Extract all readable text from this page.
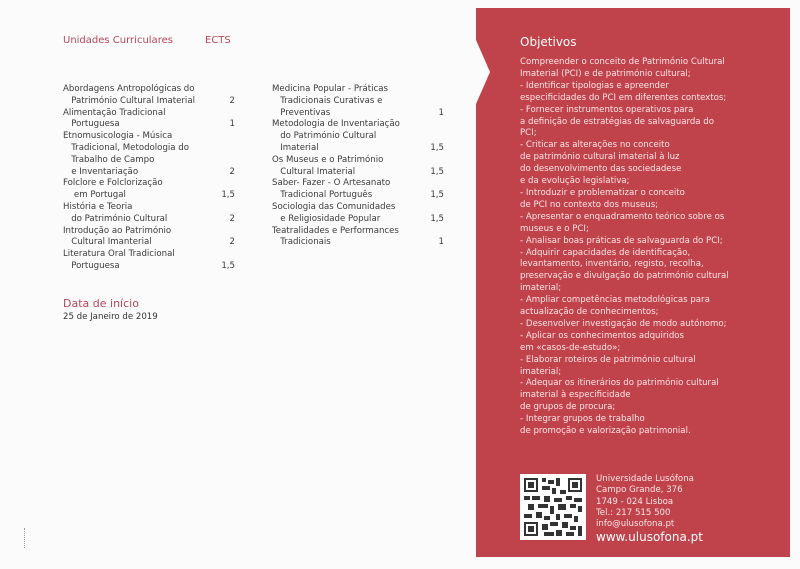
Unidades Curriculares	ECTS
Abordagens Antropológicas do
Património Cultural Imaterial	2
Alimentação Tradicional
Portuguesa	1
Etnomusicologia - Música
Tradicional, Metodologia do
Trabalho de Campo
e Inventariação	2
Folclore e Folclorização
em Portugal	1,5
História e Teoria
do Património Cultural	2
Introdução ao Património
Cultural Imanterial	2
Literatura Oral Tradicional
Portuguesa	1,5
Medicina Popular - Práticas
Tradicionais Curativas e
Preventivas	1
Metodologia de Inventariação
do Património Cultural
Imaterial	1,5
Os Museus e o Património
Cultural Imaterial	1,5
Saber- Fazer - O Artesanato
Tradicional Português	1,5
Sociologia das Comunidades
e Religiosidade Popular	1,5
Teatralidades e Performances
Tradicionais	1
Data de início
25 de Janeiro de 2019
Objetivos
Compreender o conceito de Património Cultural
Imaterial (PCI) e de património cultural;
- Identificar tipologias e apreender
especificidades do PCI em diferentes contextos;
- Fornecer instrumentos operativos para
a definição de estratégias de salvaguarda do
PCI;
- Criticar as alterações no conceito
de património cultural imaterial à luz
do desenvolvimento das sociedadese
e da evolução legislativa;
- Introduzir e problematizar o conceito
de PCI no contexto dos museus;
- Apresentar o enquadramento teórico sobre os
museus e o PCI;
- Analisar boas práticas de salvaguarda do PCI;
- Adquirir capacidades de identificação,
levantamento, inventário, registo, recolha,
preservação e divulgação do património cultural
imaterial;
- Ampliar competências metodológicas para
actualização de conhecimentos;
- Desenvolver investigação de modo autónomo;
- Aplicar os conhecimentos adquiridos
em «casos-de-estudo»;
- Elaborar roteiros de património cultural
imaterial;
- Adequar os itinerários do património cultural
imaterial à especificidade
de grupos de procura;
- Integrar grupos de trabalho
de promoção e valorização patrimonial.
Universidade Lusófona
Campo Grande, 376
1749 - 024 Lisboa
Tel.: 217 515 500
info@ulusofona.pt
www.ulusofona.pt
